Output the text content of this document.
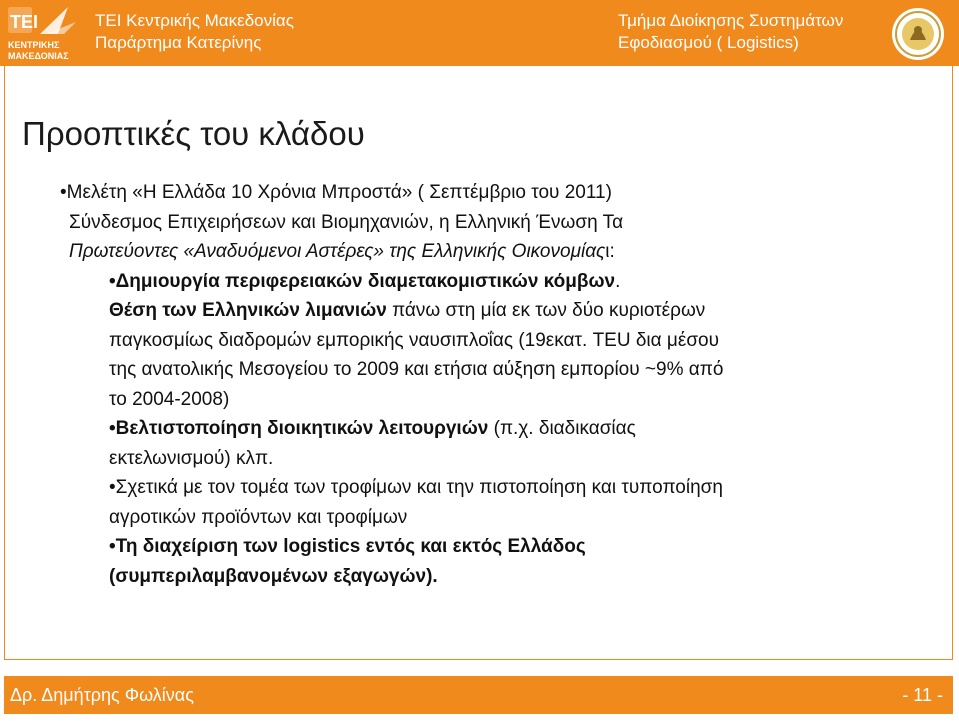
ΤΕΙ
ΚΕΝΤΡΙΚΗΣ
ΜΑΚΕΔΟΝΙΑΣ
ΤΕΙ Κεντρικής Μακεδονίας
Παράρτημα Κατερίνης
Τμήμα Διοίκησης Συστημάτων
Εφοδιασμού ( Logistics)
Προοπτικές του κλάδου
•Μελέτη «Η Ελλάδα 10 Χρόνια Μπροστά» ( Σεπτέμβριο του 2011)
Σύνδεσμος Επιχειρήσεων και Βιομηχανιών, η Ελληνική Ένωση Τα
Πρωτεύοντες «Αναδυόμενοι Αστέρες» της Ελληνικής Οικονομίαςι:
•Δημιουργία περιφερειακών διαμετακομιστικών κόμβων.
Θέση των Ελληνικών λιμανιών πάνω στη μία εκ των δύο κυριοτέρων
παγκοσμίως διαδρομών εμπορικής ναυσιπλοΐας (19εκατ. TEU δια μέσου
της ανατολικής Μεσογείου το 2009 και ετήσια αύξηση εμπορίου ~9% από
το 2004-2008)
•Βελτιστοποίηση διοικητικών λειτουργιών (π.χ. διαδικασίας
εκτελωνισμού) κλπ.
•Σχετικά με τον τομέα των τροφίμων και την πιστοποίηση και τυποποίηση
αγροτικών προϊόντων και τροφίμων
•Τη διαχείριση των logistics εντός και εκτός Ελλάδος
(συμπεριλαμβανομένων εξαγωγών).
Δρ. Δημήτρης Φωλίνας	- 11 -
